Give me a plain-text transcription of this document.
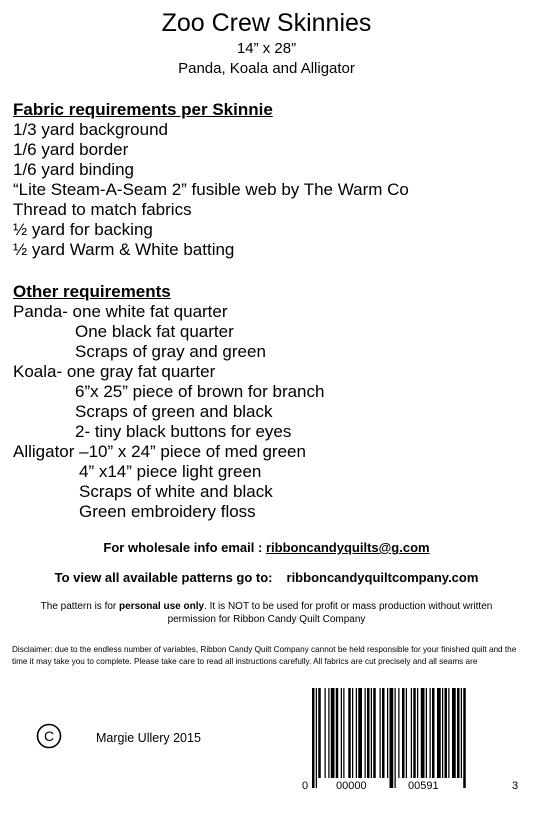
Zoo Crew Skinnies
14” x 28”
Panda, Koala and Alligator
Fabric requirements per Skinnie
1/3 yard background
1/6 yard border
1/6 yard binding
“Lite Steam-A-Seam 2” fusible web by The Warm Co
Thread to match fabrics
½ yard for backing
½ yard Warm & White batting
Other requirements
Panda- one white fat quarter
One black fat quarter
Scraps of gray and green
Koala- one gray fat quarter
6”x 25” piece of brown for branch
Scraps of green and black
2- tiny black buttons for eyes
Alligator –10” x 24” piece of med green
4” x14” piece light green
Scraps of white and black
Green embroidery floss
For wholesale info email : ribboncandyquilts@g.com
To view all available patterns go to: ribboncandyquiltcompany.com
The pattern is for personal use only. It is NOT to be used for profit or mass production without written permission for Ribbon Candy Quilt Company
Disclaimer: due to the endless number of variables, Ribbon Candy Quilt Company cannot be held responsible for your finished quilt and the time it may take you to complete. Please take care to read all instructions carefully. All fabrics are cut precisely and all seams are
C	Margie Ullery 2015
0	00000	00591	3
